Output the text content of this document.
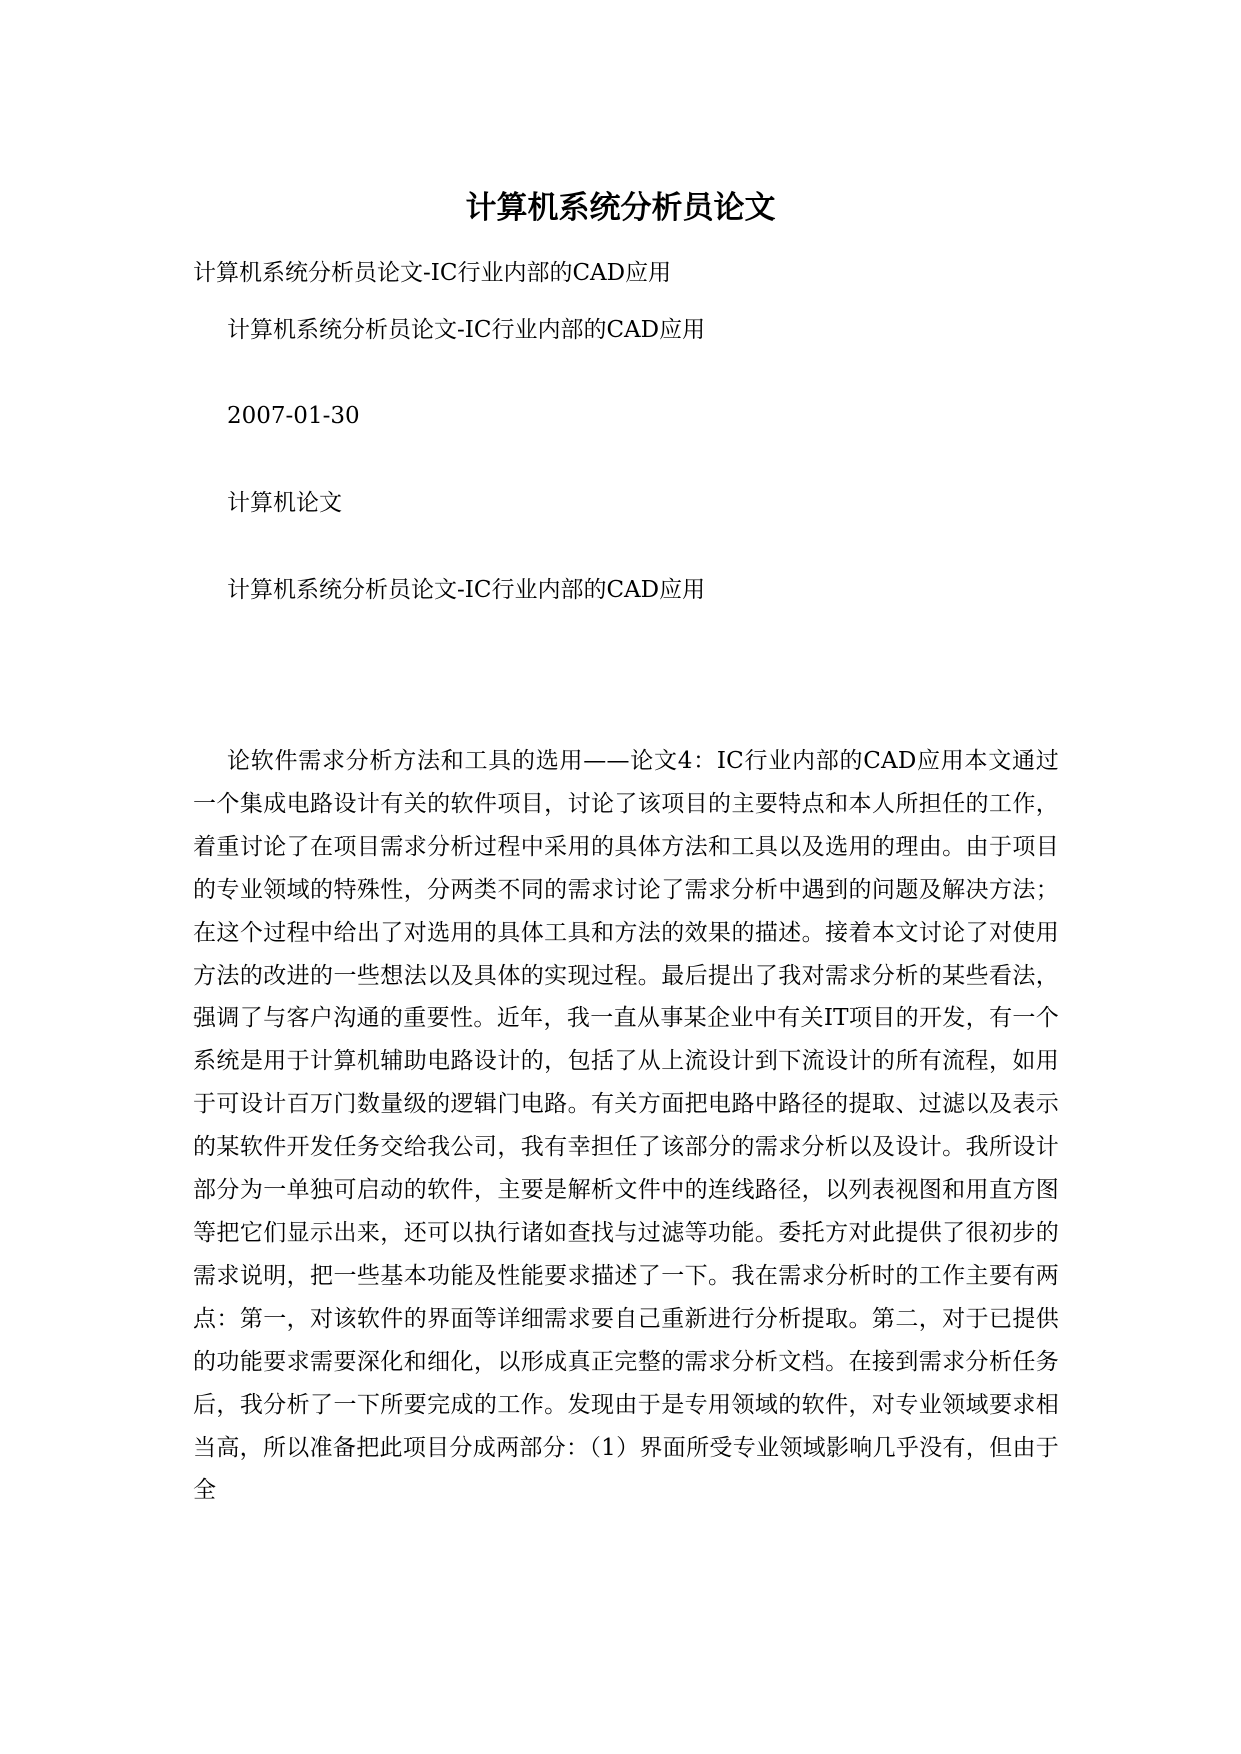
计算机系统分析员论文

计算机系统分析员论文-IC行业内部的CAD应用

计算机系统分析员论文-IC行业内部的CAD应用

2007-01-30

计算机论文

计算机系统分析员论文-IC行业内部的CAD应用

论软件需求分析方法和工具的选用——论文4：IC行业内部的CAD应用本文通过一个集成电路设计有关的软件项目，讨论了该项目的主要特点和本人所担任的工作，着重讨论了在项目需求分析过程中采用的具体方法和工具以及选用的理由。由于项目的专业领域的特殊性，分两类不同的需求讨论了需求分析中遇到的问题及解决方法；在这个过程中给出了对选用的具体工具和方法的效果的描述。接着本文讨论了对使用方法的改进的一些想法以及具体的实现过程。最后提出了我对需求分析的某些看法，强调了与客户沟通的重要性。近年，我一直从事某企业中有关IT项目的开发，有一个系统是用于计算机辅助电路设计的，包括了从上流设计到下流设计的所有流程，如用于可设计百万门数量级的逻辑门电路。有关方面把电路中路径的提取、过滤以及表示的某软件开发任务交给我公司，我有幸担任了该部分的需求分析以及设计。我所设计部分为一单独可启动的软件，主要是解析文件中的连线路径，以列表视图和用直方图等把它们显示出来，还可以执行诸如查找与过滤等功能。委托方对此提供了很初步的需求说明，把一些基本功能及性能要求描述了一下。我在需求分析时的工作主要有两点：第一，对该软件的界面等详细需求要自己重新进行分析提取。第二，对于已提供的功能要求需要深化和细化，以形成真正完整的需求分析文档。在接到需求分析任务后，我分析了一下所要完成的工作。发现由于是专用领域的软件，对专业领域要求相当高，所以准备把此项目分成两部分：（1）界面所受专业领域影响几乎没有，但由于全
